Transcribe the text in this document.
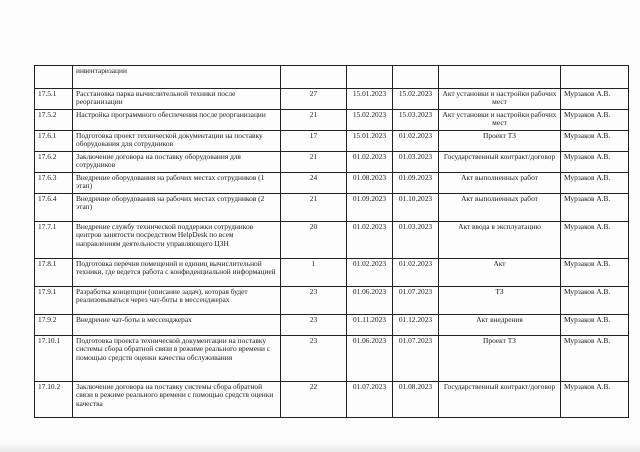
	инвентаризации					
17.5.1	Расстановка парка вычислительной техники после реорганизации	27	15.01.2023	15.02.2023	Акт установки и настройки рабочих мест	Мурзаков А.В.
17.5.2	Настройка программного обеспечения после реорганизации	21	15.02.2023	15.03.2023	Акт установки и настройки рабочих мест	Мурзаков А.В.
17.6.1	Подготовка проект технической документации на поставку оборудования для сотрудников	17	15.01.2023	01.02.2023	Проект ТЗ	Мурзаков А.В.
17.6.2	Заключение договора на поставку оборудования для сотрудников	21	01.02.2023	01.03.2023	Государственный контракт/договор	Мурзаков А.В.
17.6.3	Внедрение оборудования на рабочих местах сотрудников (1 этап)	24	01.08.2023	01.09.2023	Акт выполненных работ	Мурзаков А.В.
17.6.4	Внедрение оборудования на рабочих местах сотрудников (2 этап)	21	01.09.2023	01.10.2023	Акт выполненных работ	Мурзаков А.В.
17.7.1	Внедрение службу технической поддержки сотрудников центров занятости посредством HelpDesk по всем направлениям деятельности управляющего ЦЗН	20	01.02.2023	01.03.2023	Акт ввода в эксплуатацию	Мурзаков А.В.
17.8.1	Подготовка перечня помещений и единиц вычислительной техники, где ведется работа с конфиденциальной информацией	1	01.02.2023	01.02.2023	Акт	Мурзаков А.В.
17.9.1	Разработка концепции (описание задач), которая будет реализовываться через чат-боты в мессенджерах	23	01.06.2023	01.07.2023	ТЗ	Мурзаков А.В.
17.9.2	Внедрение чат-боты в мессенджерах	23	01.11.2023	01.12.2023	Акт внедрения	Мурзаков А.В.
17.10.1	Подготовка проекта технической документации на поставку системы сбора обратной связи в режиме реального времени с помощью средств оценки качества обслуживания	23	01.06.2023	01.07.2023	Проект ТЗ	Мурзаков А.В.
17.10.2	Заключение договора на поставку системы сбора обратной связи в режиме реального времени с помощью средств оценки качества	22	01.07.2023	01.08.2023	Государственный контракт/договор	Мурзаков А.В.
